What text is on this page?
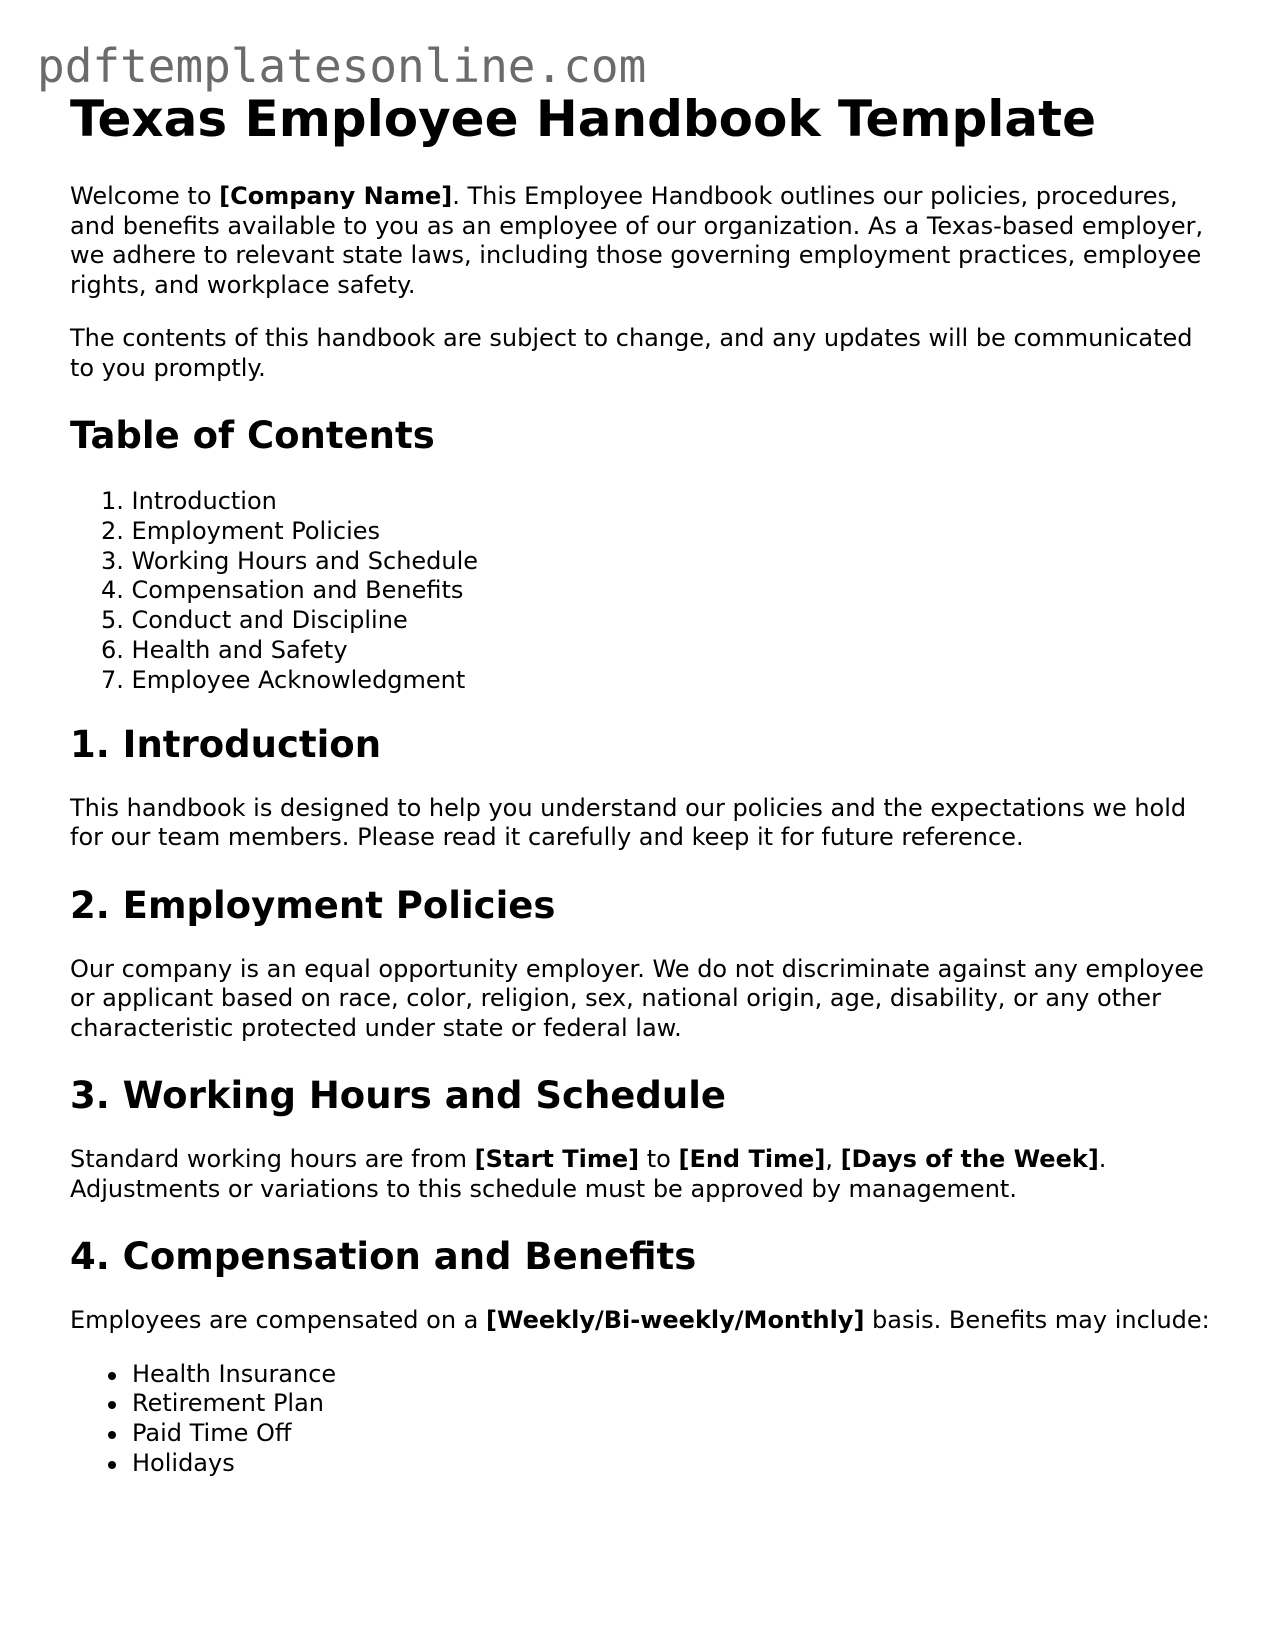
pdftemplatesonline.com
Texas Employee Handbook Template

Welcome to [Company Name]. This Employee Handbook outlines our policies, procedures, and benefits available to you as an employee of our organization. As a Texas-based employer, we adhere to relevant state laws, including those governing employment practices, employee rights, and workplace safety.

The contents of this handbook are subject to change, and any updates will be communicated to you promptly.

Table of Contents
1. Introduction
2. Employment Policies
3. Working Hours and Schedule
4. Compensation and Benefits
5. Conduct and Discipline
6. Health and Safety
7. Employee Acknowledgment
1. Introduction

This handbook is designed to help you understand our policies and the expectations we hold for our team members. Please read it carefully and keep it for future reference.

2. Employment Policies

Our company is an equal opportunity employer. We do not discriminate against any employee or applicant based on race, color, religion, sex, national origin, age, disability, or any other characteristic protected under state or federal law.

3. Working Hours and Schedule

Standard working hours are from [Start Time] to [End Time], [Days of the Week]. Adjustments or variations to this schedule must be approved by management.

4. Compensation and Benefits

Employees are compensated on a [Weekly/Bi-weekly/Monthly] basis. Benefits may include:

Health Insurance
Retirement Plan
Paid Time Off
Holidays
